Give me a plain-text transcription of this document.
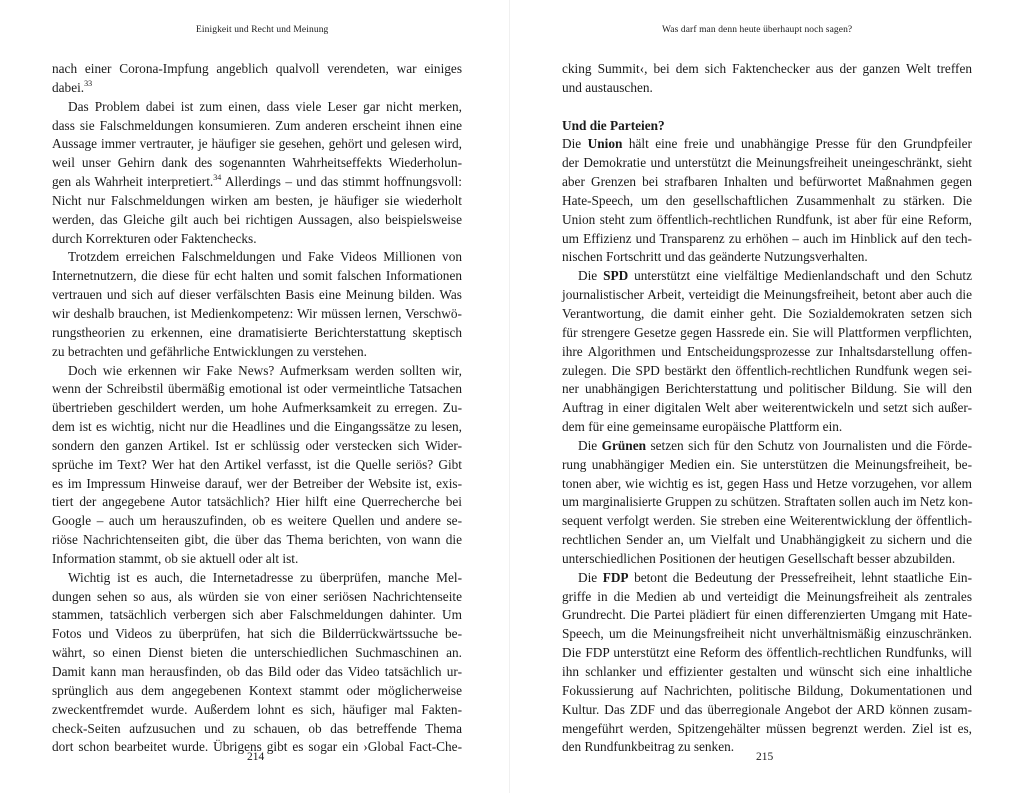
Einigkeit und Recht und Meinung
nach einer Corona-Impfung angeblich qualvoll verendeten, war einiges
dabei.$^{33}$
Das Problem dabei ist zum einen, dass viele Leser gar nicht merken,
dass sie Falschmeldungen konsumieren. Zum anderen erscheint ihnen eine
Aussage immer vertrauter, je häufiger sie gesehen, gehört und gelesen wird,
weil unser Gehirn dank des sogenannten Wahrheitseffekts Wiederholun-
gen als Wahrheit interpretiert.$^{34}$ Allerdings – und das stimmt hoffnungsvoll:
Nicht nur Falschmeldungen wirken am besten, je häufiger sie wiederholt
werden, das Gleiche gilt auch bei richtigen Aussagen, also beispielsweise
durch Korrekturen oder Faktenchecks.
Trotzdem erreichen Falschmeldungen und Fake Videos Millionen von
Internetnutzern, die diese für echt halten und somit falschen Informationen
vertrauen und sich auf dieser verfälschten Basis eine Meinung bilden. Was
wir deshalb brauchen, ist Medienkompetenz: Wir müssen lernen, Verschwö-
rungstheorien zu erkennen, eine dramatisierte Berichterstattung skeptisch
zu betrachten und gefährliche Entwicklungen zu verstehen.
Doch wie erkennen wir Fake News? Aufmerksam werden sollten wir,
wenn der Schreibstil übermäßig emotional ist oder vermeintliche Tatsachen
übertrieben geschildert werden, um hohe Aufmerksamkeit zu erregen. Zu-
dem ist es wichtig, nicht nur die Headlines und die Eingangssätze zu lesen,
sondern den ganzen Artikel. Ist er schlüssig oder verstecken sich Wider-
sprüche im Text? Wer hat den Artikel verfasst, ist die Quelle seriös? Gibt
es im Impressum Hinweise darauf, wer der Betreiber der Website ist, exis-
tiert der angegebene Autor tatsächlich? Hier hilft eine Querrecherche bei
Google – auch um herauszufinden, ob es weitere Quellen und andere se-
riöse Nachrichtenseiten gibt, die über das Thema berichten, von wann die
Information stammt, ob sie aktuell oder alt ist.
Wichtig ist es auch, die Internetadresse zu überprüfen, manche Mel-
dungen sehen so aus, als würden sie von einer seriösen Nachrichtenseite
stammen, tatsächlich verbergen sich aber Falschmeldungen dahinter. Um
Fotos und Videos zu überprüfen, hat sich die Bilderrückwärtssuche be-
währt, so einen Dienst bieten die unterschiedlichen Suchmaschinen an.
Damit kann man herausfinden, ob das Bild oder das Video tatsächlich ur-
sprünglich aus dem angegebenen Kontext stammt oder möglicherweise
zweckentfremdet wurde. Außerdem lohnt es sich, häufiger mal Fakten-
check-Seiten aufzusuchen und zu schauen, ob das betreffende Thema
dort schon bearbeitet wurde. Übrigens gibt es sogar ein ›Global Fact-Che-
214
Was darf man denn heute überhaupt noch sagen?
cking Summit‹, bei dem sich Faktenchecker aus der ganzen Welt treffen
und austauschen.
Und die Parteien?
Die Union hält eine freie und unabhängige Presse für den Grundpfeiler
der Demokratie und unterstützt die Meinungsfreiheit uneingeschränkt, sieht
aber Grenzen bei strafbaren Inhalten und befürwortet Maßnahmen gegen
Hate-Speech, um den gesellschaftlichen Zusammenhalt zu stärken. Die
Union steht zum öffentlich-rechtlichen Rundfunk, ist aber für eine Reform,
um Effizienz und Transparenz zu erhöhen – auch im Hinblick auf den tech-
nischen Fortschritt und das geänderte Nutzungsverhalten.
Die SPD unterstützt eine vielfältige Medienlandschaft und den Schutz
journalistischer Arbeit, verteidigt die Meinungsfreiheit, betont aber auch die
Verantwortung, die damit einher geht. Die Sozialdemokraten setzen sich
für strengere Gesetze gegen Hassrede ein. Sie will Plattformen verpflichten,
ihre Algorithmen und Entscheidungsprozesse zur Inhaltsdarstellung offen-
zulegen. Die SPD bestärkt den öffentlich-rechtlichen Rundfunk wegen sei-
ner unabhängigen Berichterstattung und politischer Bildung. Sie will den
Auftrag in einer digitalen Welt aber weiterentwickeln und setzt sich außer-
dem für eine gemeinsame europäische Plattform ein.
Die Grünen setzen sich für den Schutz von Journalisten und die Förde-
rung unabhängiger Medien ein. Sie unterstützen die Meinungsfreiheit, be-
tonen aber, wie wichtig es ist, gegen Hass und Hetze vorzugehen, vor allem
um marginalisierte Gruppen zu schützen. Straftaten sollen auch im Netz kon-
sequent verfolgt werden. Sie streben eine Weiterentwicklung der öffentlich-
rechtlichen Sender an, um Vielfalt und Unabhängigkeit zu sichern und die
unterschiedlichen Positionen der heutigen Gesellschaft besser abzubilden.
Die FDP betont die Bedeutung der Pressefreiheit, lehnt staatliche Ein-
griffe in die Medien ab und verteidigt die Meinungsfreiheit als zentrales
Grundrecht. Die Partei plädiert für einen differenzierten Umgang mit Hate-
Speech, um die Meinungsfreiheit nicht unverhältnismäßig einzuschränken.
Die FDP unterstützt eine Reform des öffentlich-rechtlichen Rundfunks, will
ihn schlanker und effizienter gestalten und wünscht sich eine inhaltliche
Fokussierung auf Nachrichten, politische Bildung, Dokumentationen und
Kultur. Das ZDF und das überregionale Angebot der ARD können zusam-
mengeführt werden, Spitzengehälter müssen begrenzt werden. Ziel ist es,
den Rundfunkbeitrag zu senken.
215
